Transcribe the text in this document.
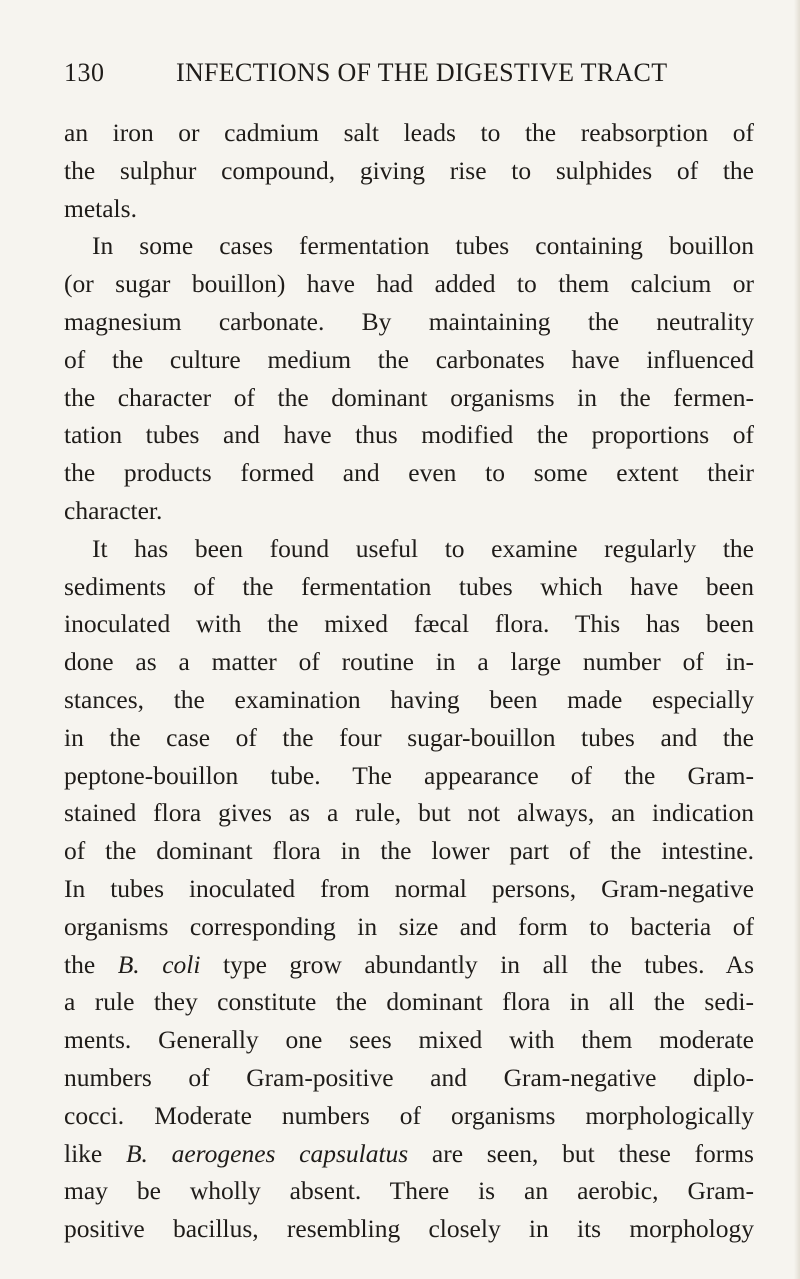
130	INFECTIONS OF THE DIGESTIVE TRACT
an iron or cadmium salt leads to the reabsorption of
the sulphur compound, giving rise to sulphides of the
metals.
In some cases fermentation tubes containing bouillon
(or sugar bouillon) have had added to them calcium or
magnesium carbonate. By maintaining the neutrality
of the culture medium the carbonates have influenced
the character of the dominant organisms in the fermen-
tation tubes and have thus modified the proportions of
the products formed and even to some extent their
character.
It has been found useful to examine regularly the
sediments of the fermentation tubes which have been
inoculated with the mixed fæcal flora. This has been
done as a matter of routine in a large number of in-
stances, the examination having been made especially
in the case of the four sugar-bouillon tubes and the
peptone-bouillon tube. The appearance of the Gram-
stained flora gives as a rule, but not always, an indication
of the dominant flora in the lower part of the intestine.
In tubes inoculated from normal persons, Gram-negative
organisms corresponding in size and form to bacteria of
the B. coli type grow abundantly in all the tubes. As
a rule they constitute the dominant flora in all the sedi-
ments. Generally one sees mixed with them moderate
numbers of Gram-positive and Gram-negative diplo-
cocci. Moderate numbers of organisms morphologically
like B. aerogenes capsulatus are seen, but these forms
may be wholly absent. There is an aerobic, Gram-
positive bacillus, resembling closely in its morphology
